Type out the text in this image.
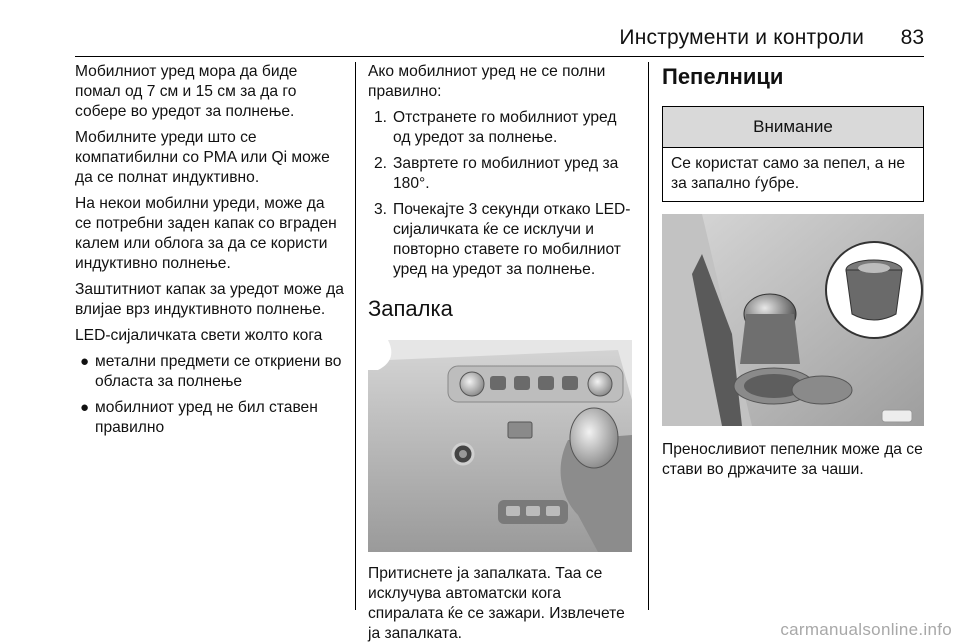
Инструменти и контроли 83

Мобилниот уред мора да биде помал од 7 см и 15 см за да го собере во уредот за полнење.

Мобилните уреди што се компатибилни со PMA или Qi може да се полнат индуктивно.

На некои мобилни уреди, може да се потребни заден капак со вграден калем или облога за да се користи индуктивно полнење.

Заштитниот капак за уредот може да влијае врз индуктивното полнење.

LED-сијаличката свети жолто кога

● метални предмети се откриени во областа за полнење
● мобилниот уред не бил ставен правилно

Ако мобилниот уред не се полни правилно:

1. Отстранете го мобилниот уред од уредот за полнење.
2. Завртете го мобилниот уред за 180°.
3. Почекајте 3 секунди откако LED-сијаличката ќе се исклучи и повторно ставете го мобилниот уред на уредот за полнење.
Запалка

Притиснете ја запалката. Таа се исклучува автоматски кога спиралата ќе се зажари. Извлечете ја запалката.

Пепелници
Внимание
Се користат само за пепел, а не за запално ѓубре.

Преносливиот пепелник може да се стави во држачите за чаши.

carmanualsonline.info
